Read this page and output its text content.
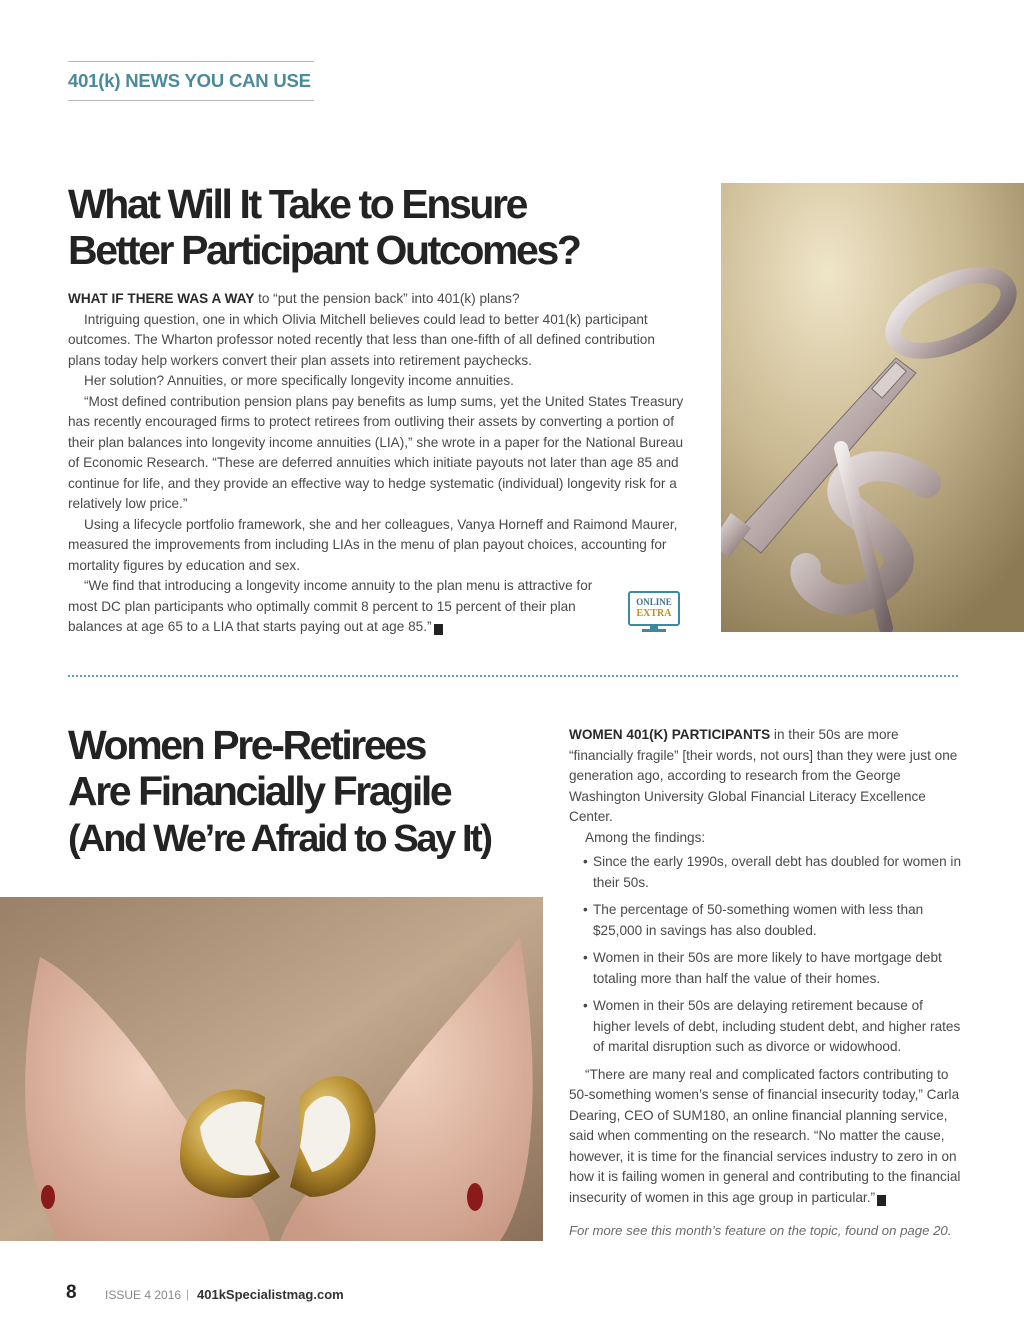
401(k) NEWS YOU CAN USE
What Will It Take to Ensure
Better Participant Outcomes?

WHAT IF THERE WAS A WAY to “put the pension back” into 401(k) plans?

Intriguing question, one in which Olivia Mitchell believes could lead to better 401(k) participant outcomes. The Wharton professor noted recently that less than one-fifth of all defined contribution plans today help workers convert their plan assets into retirement paychecks.

Her solution? Annuities, or more specifically longevity income annuities.

“Most defined contribution pension plans pay benefits as lump sums, yet the United States Treasury has recently encouraged firms to protect retirees from outliving their assets by converting a portion of their plan balances into longevity income annuities (LIA),” she wrote in a paper for the National Bureau of Economic Research. “These are deferred annuities which initiate payouts not later than age 85 and continue for life, and they provide an effective way to hedge systematic (individual) longevity risk for a relatively low price.”

Using a lifecycle portfolio framework, she and her colleagues, Vanya Horneff and Raimond Maurer, measured the improvements from including LIAs in the menu of plan payout choices, accounting for mortality figures by education and sex.

“We find that introducing a longevity income annuity to the plan menu is attractive for most DC plan participants who optimally commit 8 percent to 15 percent of their plan balances at age 65 to a LIA that starts paying out at age 85.” K

ONLINE
EXTRA
Women Pre-Retirees
Are Financially Fragile
(And We’re Afraid to Say It)

WOMEN 401(K) PARTICIPANTS in their 50s are more “financially fragile” [their words, not ours] than they were just one generation ago, according to research from the George Washington University Global Financial Literacy Excellence Center.

Among the findings:

• Since the early 1990s, overall debt has doubled for women in their 50s.
• The percentage of 50-something women with less than $25,000 in savings has also doubled.
• Women in their 50s are more likely to have mortgage debt totaling more than half the value of their homes.
• Women in their 50s are delaying retirement because of higher levels of debt, including student debt, and higher rates of marital disruption such as divorce or widowhood.

“There are many real and complicated factors contributing to 50-something women’s sense of financial insecurity today,” Carla Dearing, CEO of SUM180, an online financial planning service, said when commenting on the research. “No matter the cause, however, it is time for the financial services industry to zero in on how it is failing women in general and contributing to the financial insecurity of women in this age group in particular.” K

For more see this month’s feature on the topic, found on page 20.
8 ISSUE 4 2016 | 401kSpecialistmag.com
